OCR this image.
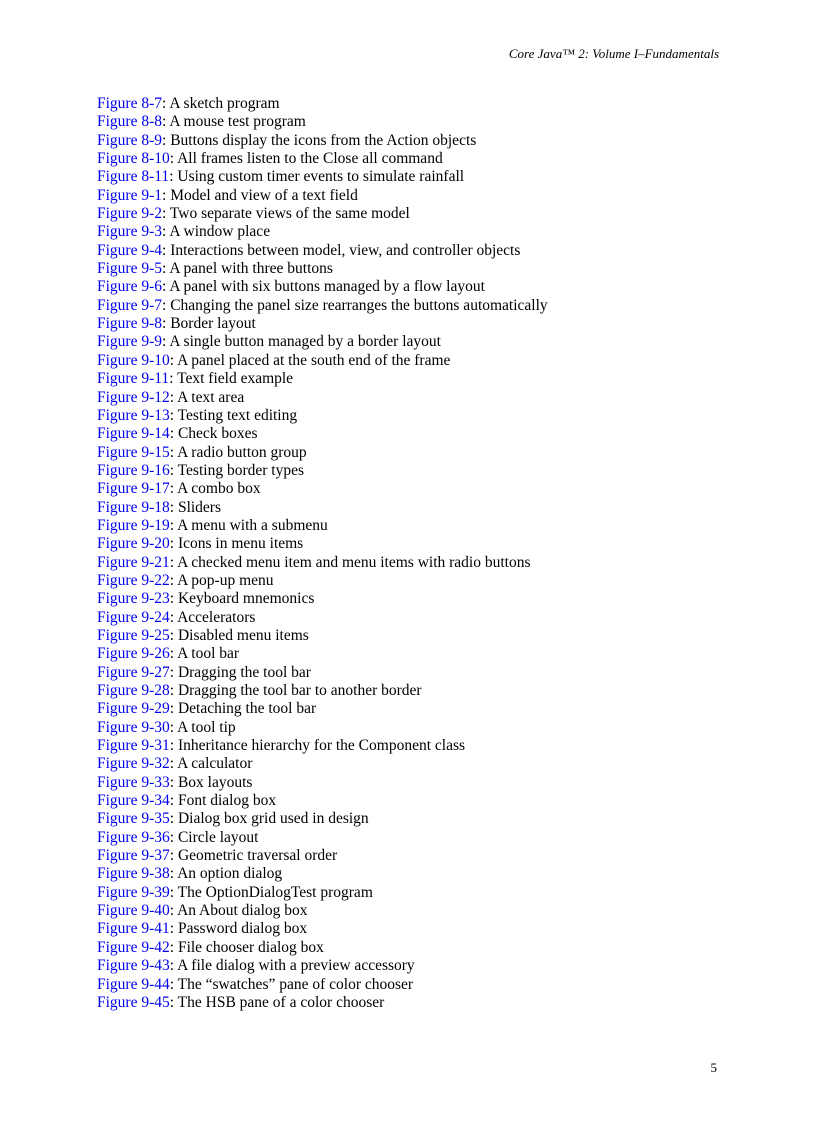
Core Java™ 2: Volume I–Fundamentals
Figure 8-7: A sketch program
Figure 8-8: A mouse test program
Figure 8-9: Buttons display the icons from the Action objects
Figure 8-10: All frames listen to the Close all command
Figure 8-11: Using custom timer events to simulate rainfall
Figure 9-1: Model and view of a text field
Figure 9-2: Two separate views of the same model
Figure 9-3: A window place
Figure 9-4: Interactions between model, view, and controller objects
Figure 9-5: A panel with three buttons
Figure 9-6: A panel with six buttons managed by a flow layout
Figure 9-7: Changing the panel size rearranges the buttons automatically
Figure 9-8: Border layout
Figure 9-9: A single button managed by a border layout
Figure 9-10: A panel placed at the south end of the frame
Figure 9-11: Text field example
Figure 9-12: A text area
Figure 9-13: Testing text editing
Figure 9-14: Check boxes
Figure 9-15: A radio button group
Figure 9-16: Testing border types
Figure 9-17: A combo box
Figure 9-18: Sliders
Figure 9-19: A menu with a submenu
Figure 9-20: Icons in menu items
Figure 9-21: A checked menu item and menu items with radio buttons
Figure 9-22: A pop-up menu
Figure 9-23: Keyboard mnemonics
Figure 9-24: Accelerators
Figure 9-25: Disabled menu items
Figure 9-26: A tool bar
Figure 9-27: Dragging the tool bar
Figure 9-28: Dragging the tool bar to another border
Figure 9-29: Detaching the tool bar
Figure 9-30: A tool tip
Figure 9-31: Inheritance hierarchy for the Component class
Figure 9-32: A calculator
Figure 9-33: Box layouts
Figure 9-34: Font dialog box
Figure 9-35: Dialog box grid used in design
Figure 9-36: Circle layout
Figure 9-37: Geometric traversal order
Figure 9-38: An option dialog
Figure 9-39: The OptionDialogTest program
Figure 9-40: An About dialog box
Figure 9-41: Password dialog box
Figure 9-42: File chooser dialog box
Figure 9-43: A file dialog with a preview accessory
Figure 9-44: The “swatches” pane of color chooser
Figure 9-45: The HSB pane of a color chooser
5
